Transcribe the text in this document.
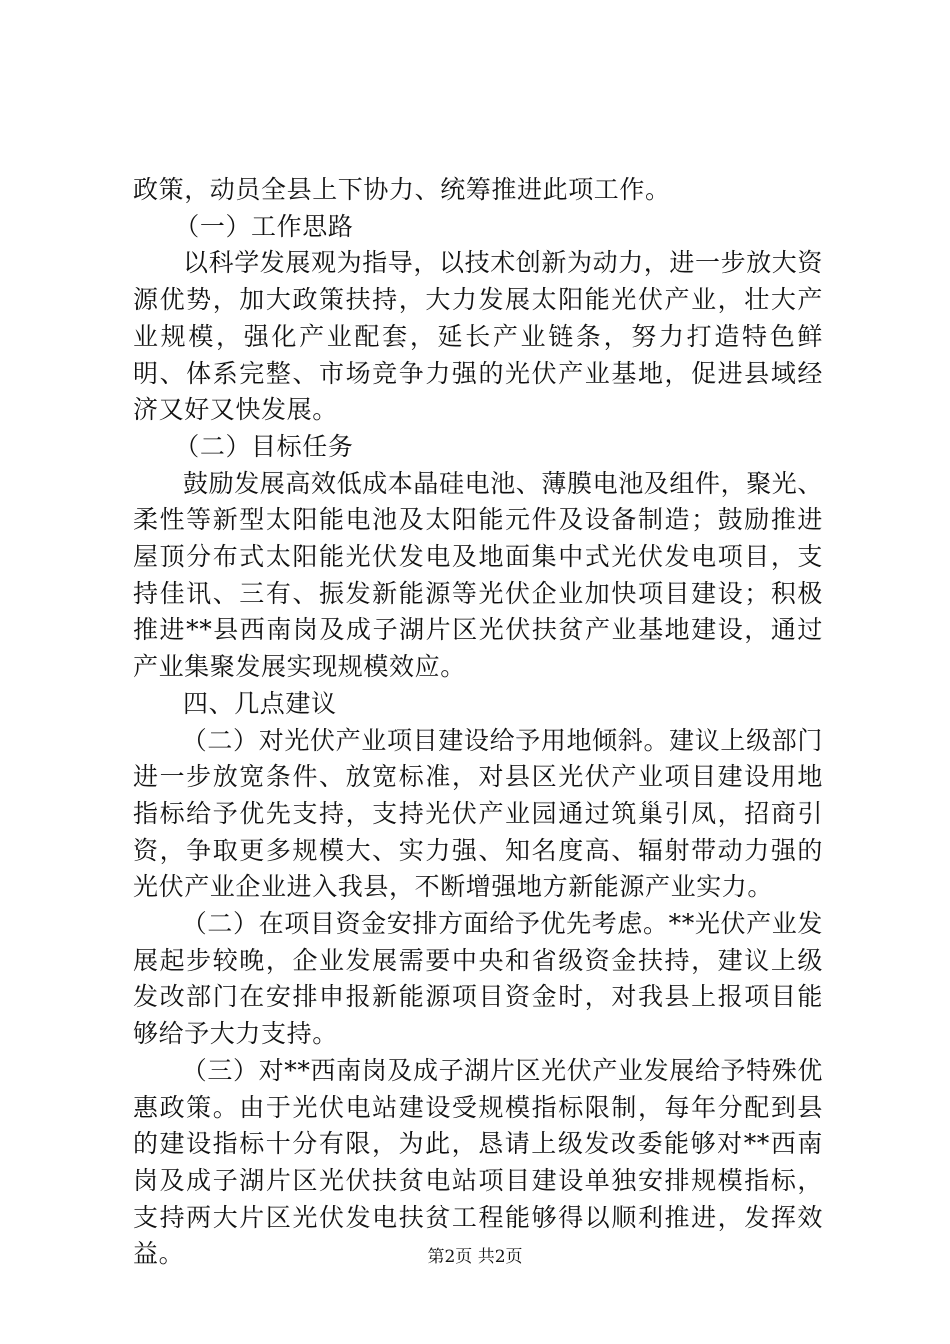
政策，动员全县上下协力、统筹推进此项工作。

（一）工作思路

以科学发展观为指导，以技术创新为动力，进一步放大资源优势，加大政策扶持，大力发展太阳能光伏产业，壮大产业规模，强化产业配套，延长产业链条，努力打造特色鲜明、体系完整、市场竞争力强的光伏产业基地，促进县域经济又好又快发展。

（二）目标任务

鼓励发展高效低成本晶硅电池、薄膜电池及组件，聚光、柔性等新型太阳能电池及太阳能元件及设备制造；鼓励推进屋顶分布式太阳能光伏发电及地面集中式光伏发电项目，支持佳讯、三有、振发新能源等光伏企业加快项目建设；积极推进**县西南岗及成子湖片区光伏扶贫产业基地建设，通过产业集聚发展实现规模效应。

四、几点建议

（二）对光伏产业项目建设给予用地倾斜。建议上级部门进一步放宽条件、放宽标准，对县区光伏产业项目建设用地指标给予优先支持，支持光伏产业园通过筑巢引凤，招商引资，争取更多规模大、实力强、知名度高、辐射带动力强的光伏产业企业进入我县，不断增强地方新能源产业实力。

（二）在项目资金安排方面给予优先考虑。**光伏产业发展起步较晚，企业发展需要中央和省级资金扶持，建议上级发改部门在安排申报新能源项目资金时，对我县上报项目能够给予大力支持。

（三）对**西南岗及成子湖片区光伏产业发展给予特殊优惠政策。由于光伏电站建设受规模指标限制，每年分配到县的建设指标十分有限，为此，恳请上级发改委能够对**西南岗及成子湖片区光伏扶贫电站项目建设单独安排规模指标，支持两大片区光伏发电扶贫工程能够得以顺利推进，发挥效益。	第2页 共2页
